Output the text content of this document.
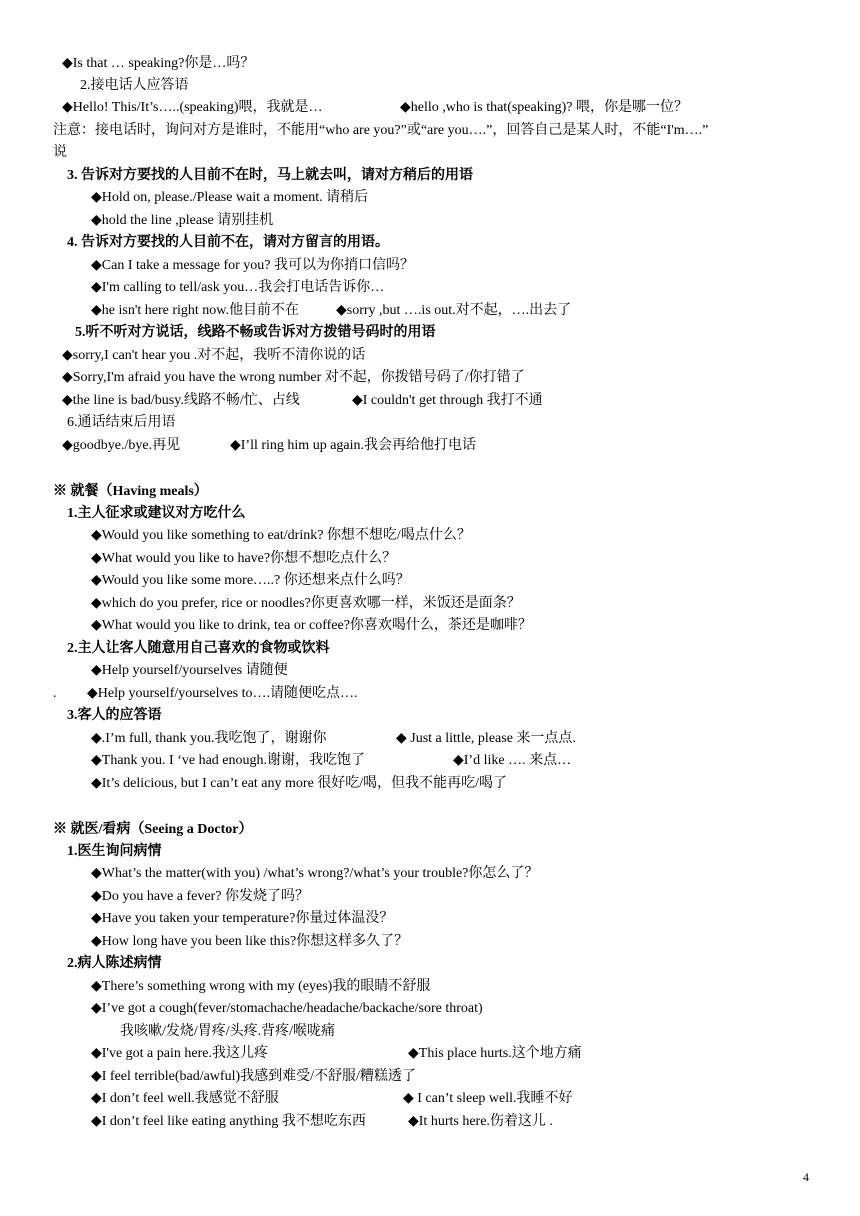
◆Is that … speaking?你是…吗？
2.接电话人应答语
◆Hello! This/It’s…..(speaking)喂，我就是…	◆hello ,who is that(speaking)? 喂，你是哪一位？
注意：接电话时，询问对方是谁时，不能用“who are you?”或“are you….”，回答自己是某人时，不能“I'm….”
说
3. 告诉对方要找的人目前不在时，马上就去叫，请对方稍后的用语
◆Hold on, please./Please wait a moment. 请稍后
◆hold the line ,please 请别挂机
4. 告诉对方要找的人目前不在，请对方留言的用语。
◆Can I take a message for you? 我可以为你捎口信吗？
◆I'm calling to tell/ask you…我会打电话告诉你…
◆he isn't here right now.他目前不在	◆sorry ,but ….is out.对不起，….出去了
5.听不听对方说话，线路不畅或告诉对方拨错号码时的用语
◆sorry,I can't hear you .对不起，我听不清你说的话
◆Sorry,I'm afraid you have the wrong number 对不起，你拨错号码了/你打错了
◆the line is bad/busy.线路不畅/忙、占线	◆I couldn't get through 我打不通
6.通话结束后用语
◆goodbye./bye.再见	◆I’ll ring him up again.我会再给他打电话
※ 就餐（Having meals）
1.主人征求或建议对方吃什么
◆Would you like something to eat/drink? 你想不想吃/喝点什么？
◆What would you like to have?你想不想吃点什么？
◆Would you like some more…..? 你还想来点什么吗？
◆which do you prefer, rice or noodles?你更喜欢哪一样，米饭还是面条？
◆What would you like to drink, tea or coffee?你喜欢喝什么，茶还是咖啡？
2.主人让客人随意用自己喜欢的食物或饮料
◆Help yourself/yourselves 请随便
. ◆Help yourself/yourselves to….请随便吃点….
3.客人的应答语
◆.I’m full, thank you.我吃饱了，谢谢你	◆ Just a little, please 来一点点.
◆Thank you. I ‘ve had enough.谢谢，我吃饱了	◆I’d like …. 来点…
◆It’s delicious, but I can’t eat any more 很好吃/喝，但我不能再吃/喝了
※ 就医/看病（Seeing a Doctor）
1.医生询问病情
◆What’s the matter(with you) /what’s wrong?/what’s your trouble?你怎么了？
◆Do you have a fever? 你发烧了吗？
◆Have you taken your temperature?你量过体温没？
◆How long have you been like this?你想这样多久了？
2.病人陈述病情
◆There’s something wrong with my (eyes)我的眼睛不舒服
◆I’ve got a cough(fever/stomachache/headache/backache/sore throat)
我咳嗽/发烧/胃疼/头疼.背疼/喉咙痛
◆I've got a pain here.我这儿疼	◆This place hurts.这个地方痛
◆I feel terrible(bad/awful)我感到难受/不舒服/糟糕透了
◆I don’t feel well.我感觉不舒服	◆ I can’t sleep well.我睡不好
◆I don’t feel like eating anything 我不想吃东西	◆It hurts here.伤着这儿 .
4
